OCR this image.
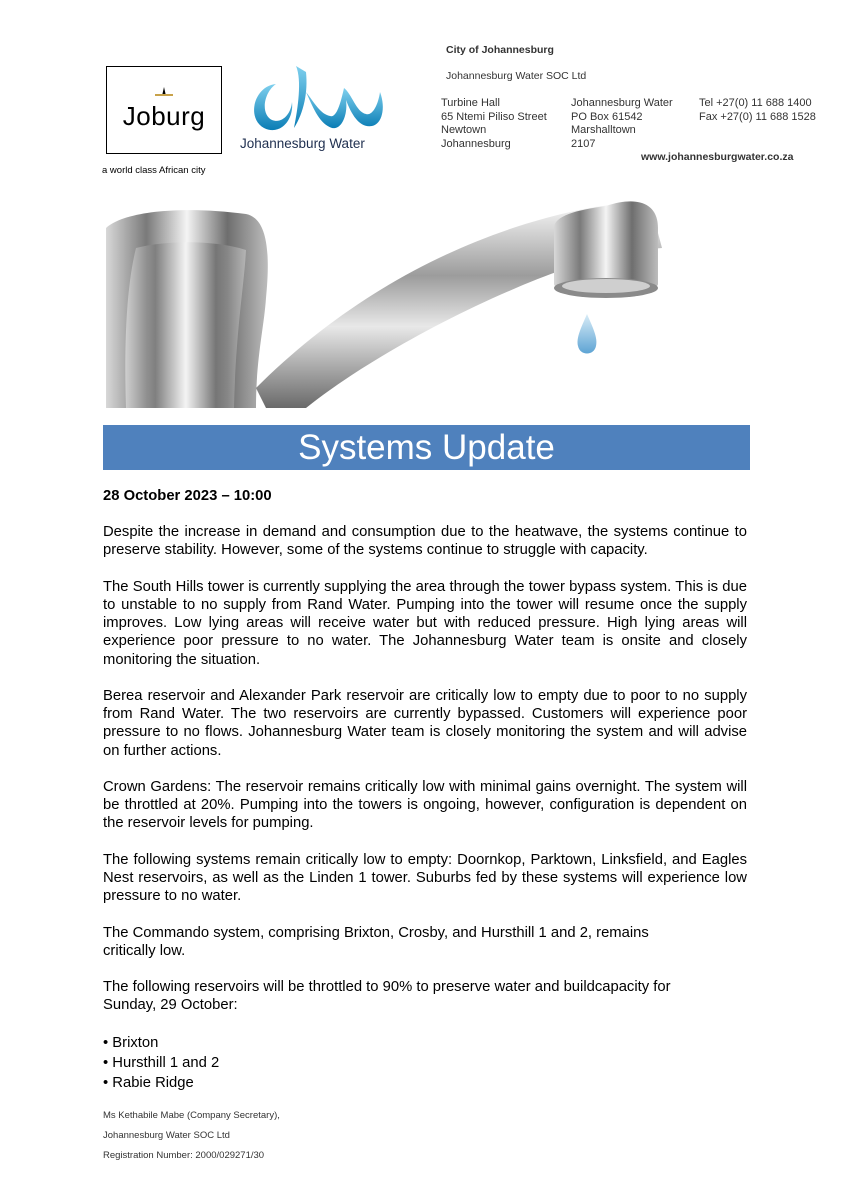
Joburg
a world class African city
Johannesburg Water
City of Johannesburg
Johannesburg Water SOC Ltd
Turbine Hall
65 Ntemi Piliso Street
Newtown
Johannesburg
Johannesburg Water
PO Box 61542
Marshalltown
2107
Tel +27(0) 11 688 1400
Fax +27(0) 11 688 1528
www.johannesburgwater.co.za
Systems Update

28 October 2023 – 10:00

Despite the increase in demand and consumption due to the heatwave, the systems continue to preserve stability. However, some of the systems continue to struggle with capacity.

The South Hills tower is currently supplying the area through the tower bypass system. This is due to unstable to no supply from Rand Water. Pumping into the tower will resume once the supply improves. Low lying areas will receive water but with reduced pressure. High lying areas will experience poor pressure to no water. The Johannesburg Water team is onsite and closely monitoring the situation.

Berea reservoir and Alexander Park reservoir are critically low to empty due to poor to no supply from Rand Water. The two reservoirs are currently bypassed. Customers will experience poor pressure to no flows. Johannesburg Water team is closely monitoring the system and will advise on further actions.

Crown Gardens: The reservoir remains critically low with minimal gains overnight. The system will be throttled at 20%. Pumping into the towers is ongoing, however, configuration is dependent on the reservoir levels for pumping.

The following systems remain critically low to empty: Doornkop, Parktown, Linksfield, and Eagles Nest reservoirs, as well as the Linden 1 tower. Suburbs fed by these systems will experience low pressure to no water.

The Commando system, comprising Brixton, Crosby, and Hursthill 1 and 2, remains critically low.

The following reservoirs will be throttled to 90% to preserve water and buildcapacity for Sunday, 29 October:

• Brixton
• Hursthill 1 and 2
• Rabie Ridge
Ms Kethabile Mabe (Company Secretary),
Johannesburg Water SOC Ltd
Registration Number: 2000/029271/30
